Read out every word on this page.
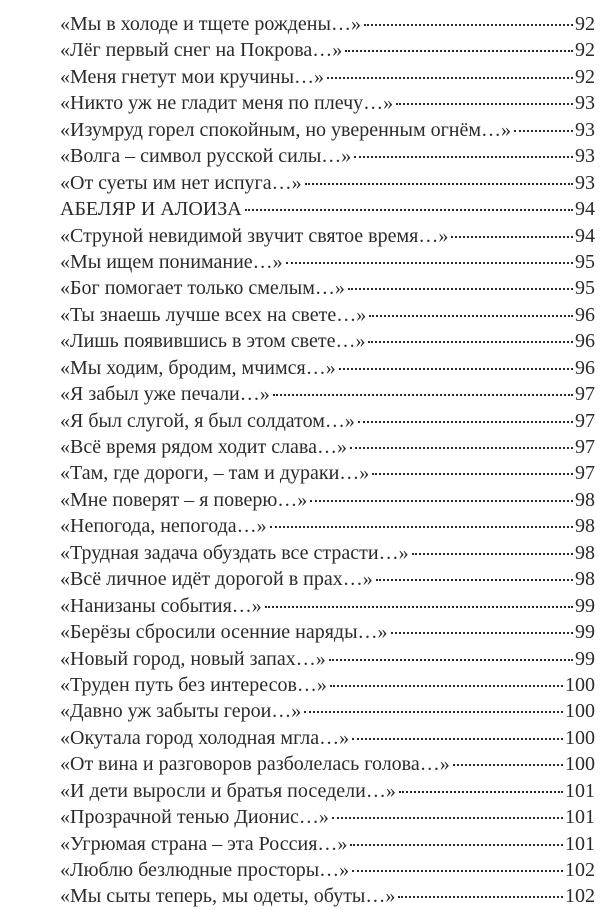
«Мы в холоде и тщете рождены…»	92
«Лёг первый снег на Покрова…»	92
«Меня гнетут мои кручины…»	92
«Никто уж не гладит меня по плечу…»	93
«Изумруд горел спокойным, но уверенным огнём…»	93
«Волга – символ русской силы…»	93
«От суеты им нет испуга…»	93
АБЕЛЯР И АЛОИЗА	94
«Струной невидимой звучит святое время…»	94
«Мы ищем понимание…»	95
«Бог помогает только смелым…»	95
«Ты знаешь лучше всех на свете…»	96
«Лишь появившись в этом свете…»	96
«Мы ходим, бродим, мчимся…»	96
«Я забыл уже печали…»	97
«Я был слугой, я был солдатом…»	97
«Всё время рядом ходит слава…»	97
«Там, где дороги, – там и дураки…»	97
«Мне поверят – я поверю…»	98
«Непогода, непогода…»	98
«Трудная задача обуздать все страсти…»	98
«Всё личное идёт дорогой в прах…»	98
«Нанизаны события…»	99
«Берёзы сбросили осенние наряды…»	99
«Новый город, новый запах…»	99
«Труден путь без интересов…»	100
«Давно уж забыты герои…»	100
«Окутала город холодная мгла…»	100
«От вина и разговоров разболелась голова…»	100
«И дети выросли и братья поседели…»	101
«Прозрачной тенью Дионис…»	101
«Угрюмая страна – эта Россия…»	101
«Люблю безлюдные просторы…»	102
«Мы сыты теперь, мы одеты, обуты…»	102
